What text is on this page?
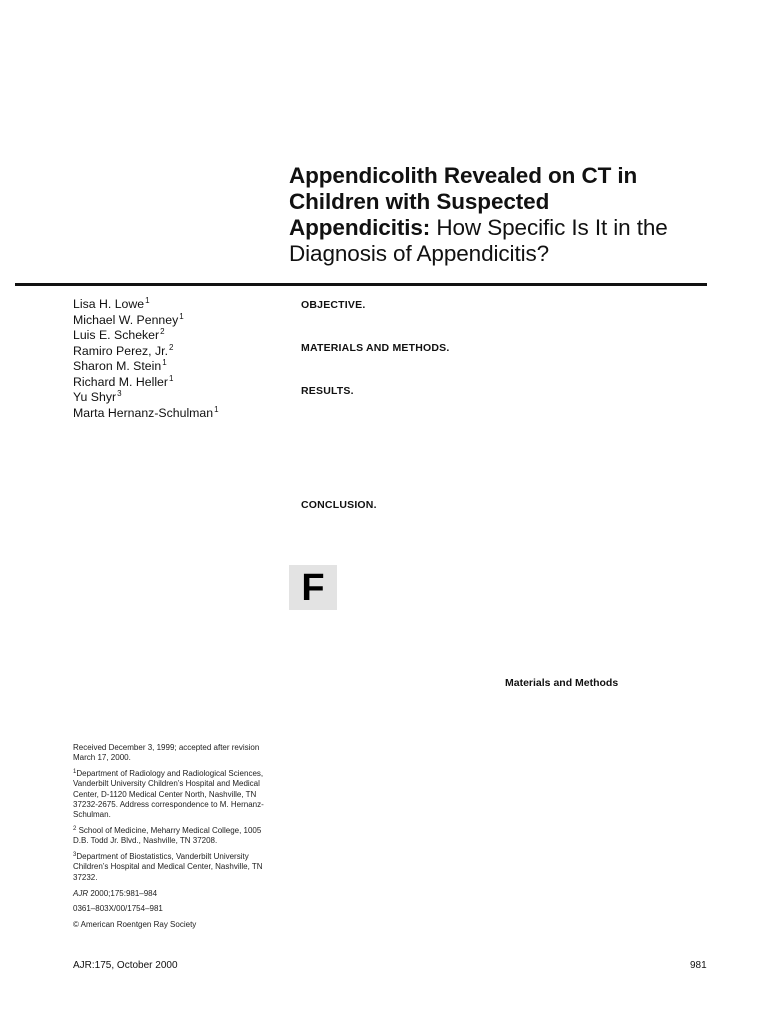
Appendicolith Revealed on CT in
Children with Suspected
Appendicitis: How Specific Is It in the
Diagnosis of Appendicitis?
Lisa H. Lowe$^1$
Michael W. Penney$^1$
Luis E. Scheker$^2$
Ramiro Perez, Jr.$^2$
Sharon M. Stein$^1$
Richard M. Heller$^1$
Yu Shyr$^3$
Marta Hernanz-Schulman$^1$
OBJECTIVE.
MATERIALS AND METHODS.
RESULTS.
CONCLUSION.
F
Materials and Methods
Received December 3, 1999; accepted after revision March 17, 2000.
$^1$Department of Radiology and Radiological Sciences, Vanderbilt University Children’s Hospital and Medical Center, D-1120 Medical Center North, Nashville, TN 37232-2675. Address correspondence to M. Hernanz-Schulman.
$^2$ School of Medicine, Meharry Medical College, 1005 D.B. Todd Jr. Blvd., Nashville, TN 37208.
$^3$Department of Biostatistics, Vanderbilt University Children’s Hospital and Medical Center, Nashville, TN 37232.
AJR 2000;175:981–984
0361–803X/00/1754–981
© American Roentgen Ray Society
AJR:175, October 2000	981
